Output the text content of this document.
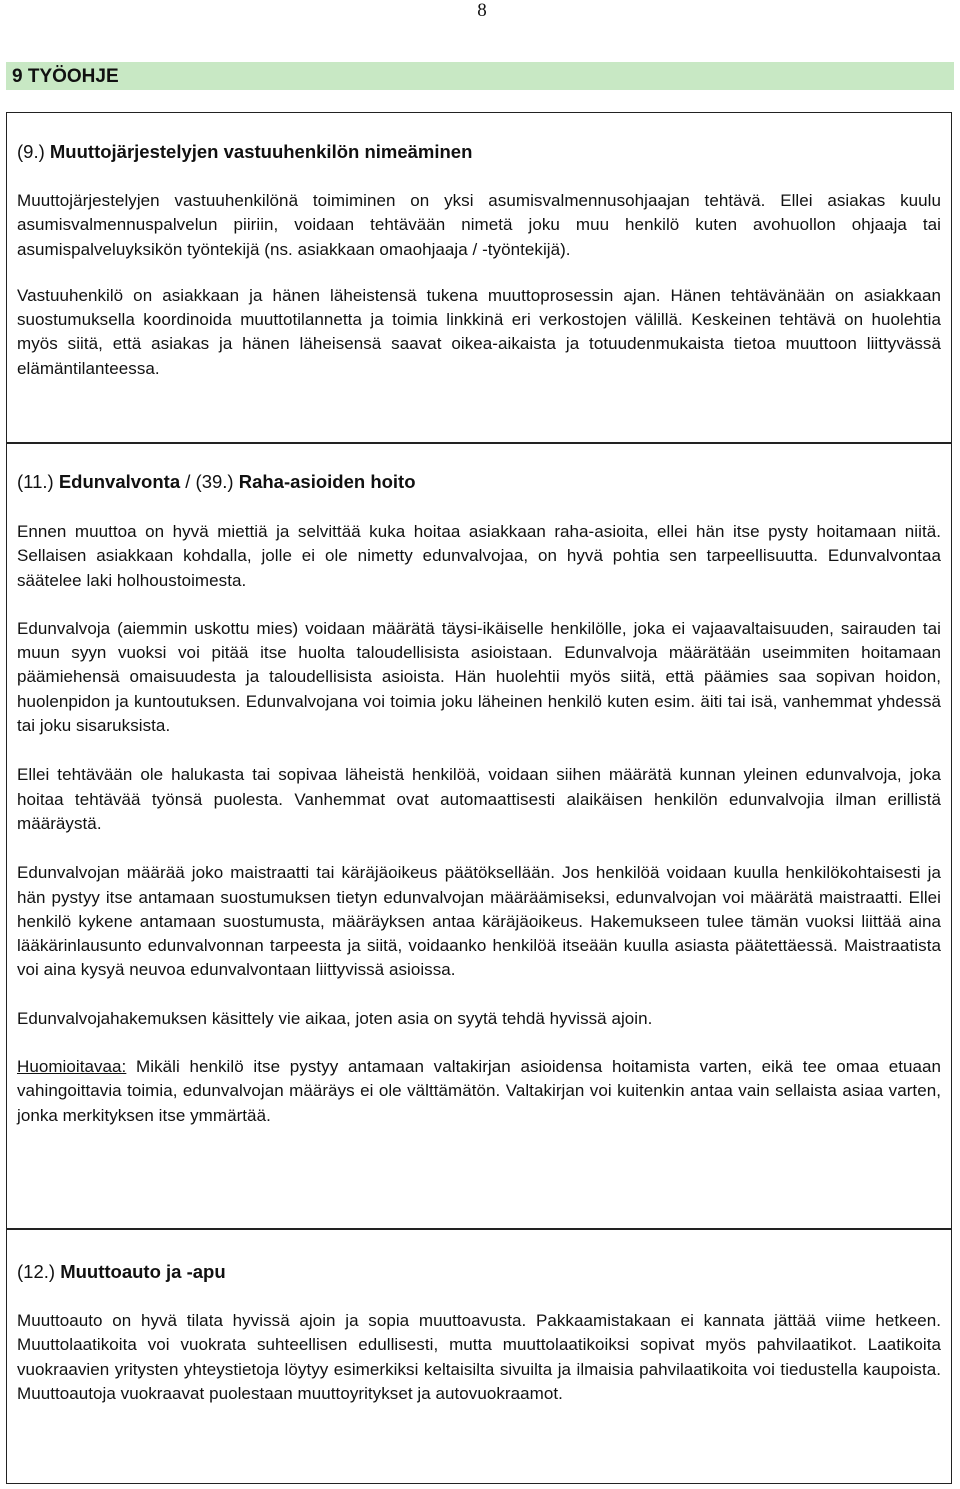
8
9 TYÖOHJE
(9.) Muuttojärjestelyjen vastuuhenkilön nimeäminen

Muuttojärjestelyjen vastuuhenkilönä toimiminen on yksi asumisvalmennusohjaajan tehtävä. Ellei asiakas kuulu asumisvalmennuspalvelun piiriin, voidaan tehtävään nimetä joku muu henkilö kuten avohuollon ohjaaja tai asumispalveluyksikön työntekijä (ns. asiakkaan omaohjaaja / -työntekijä).

Vastuuhenkilö on asiakkaan ja hänen läheistensä tukena muuttoprosessin ajan. Hänen tehtävänään on asiakkaan suostumuksella koordinoida muuttotilannetta ja toimia linkkinä eri verkostojen välillä. Keskeinen tehtävä on huolehtia myös siitä, että asiakas ja hänen läheisensä saavat oikea-aikaista ja totuudenmukaista tietoa muuttoon liittyvässä elämäntilanteessa.

(11.) Edunvalvonta / (39.) Raha-asioiden hoito

Ennen muuttoa on hyvä miettiä ja selvittää kuka hoitaa asiakkaan raha-asioita, ellei hän itse pysty hoitamaan niitä. Sellaisen asiakkaan kohdalla, jolle ei ole nimetty edunvalvojaa, on hyvä pohtia sen tarpeellisuutta. Edunvalvontaa säätelee laki holhoustoimesta.

Edunvalvoja (aiemmin uskottu mies) voidaan määrätä täysi-ikäiselle henkilölle, joka ei vajaavaltaisuuden, sairauden tai muun syyn vuoksi voi pitää itse huolta taloudellisista asioistaan. Edunvalvoja määrätään useimmiten hoitamaan päämiehensä omaisuudesta ja taloudellisista asioista. Hän huolehtii myös siitä, että päämies saa sopivan hoidon, huolenpidon ja kuntoutuksen. Edunvalvojana voi toimia joku läheinen henkilö kuten esim. äiti tai isä, vanhemmat yhdessä tai joku sisaruksista.

Ellei tehtävään ole halukasta tai sopivaa läheistä henkilöä, voidaan siihen määrätä kunnan yleinen edunvalvoja, joka hoitaa tehtävää työnsä puolesta. Vanhemmat ovat automaattisesti alaikäisen henkilön edunvalvojia ilman erillistä määräystä.

Edunvalvojan määrää joko maistraatti tai käräjäoikeus päätöksellään. Jos henkilöä voidaan kuulla henkilökohtaisesti ja hän pystyy itse antamaan suostumuksen tietyn edunvalvojan määräämiseksi, edunvalvojan voi määrätä maistraatti. Ellei henkilö kykene antamaan suostumusta, määräyksen antaa käräjäoikeus. Hakemukseen tulee tämän vuoksi liittää aina lääkärinlausunto edunvalvonnan tarpeesta ja siitä, voidaanko henkilöä itseään kuulla asiasta päätettäessä. Maistraatista voi aina kysyä neuvoa edunvalvontaan liittyvissä asioissa.

Edunvalvojahakemuksen käsittely vie aikaa, joten asia on syytä tehdä hyvissä ajoin.

Huomioitavaa: Mikäli henkilö itse pystyy antamaan valtakirjan asioidensa hoitamista varten, eikä tee omaa etuaan vahingoittavia toimia, edunvalvojan määräys ei ole välttämätön. Valtakirjan voi kuitenkin antaa vain sellaista asiaa varten, jonka merkityksen itse ymmärtää.

(12.) Muuttoauto ja -apu

Muuttoauto on hyvä tilata hyvissä ajoin ja sopia muuttoavusta. Pakkaamistakaan ei kannata jättää viime hetkeen. Muuttolaatikoita voi vuokrata suhteellisen edullisesti, mutta muuttolaatikoiksi sopivat myös pahvilaatikot. Laatikoita vuokraavien yritysten yhteystietoja löytyy esimerkiksi keltaisilta sivuilta ja ilmaisia pahvilaatikoita voi tiedustella kaupoista. Muuttoautoja vuokraavat puolestaan muuttoyritykset ja autovuokraamot.
